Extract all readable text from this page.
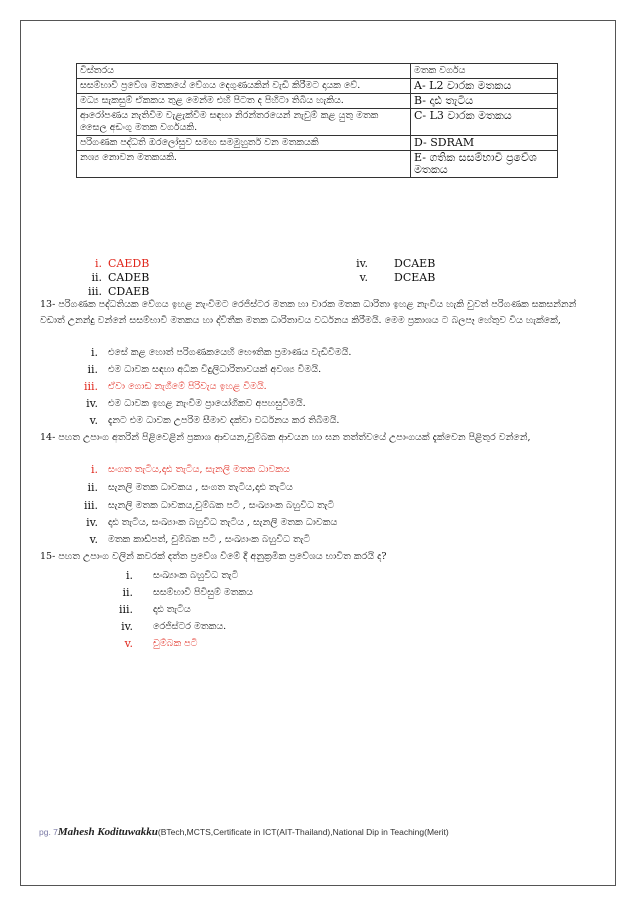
විස්තරය	මතක වර්ගය
සසම්භාවී ප්‍රවේශ මතකයේ වේගය දෙගුණයකින් වැඩි කිරීමට දායක වේ.	A- L2 වාරක මතකය
මධ්‍ය සැකසුම් ඒකකය තුළ මෙන්ම එහි පිටත ද පිහිටා තිබිය හැකිය.	B- දෘඪ තැටිය
ආරෝපණය නැතිවීම වැළැක්වීම සඳහා නිරන්තරයෙන් නැවුම් කළ යුතු මතක සෛල අඩංගු මතක වර්ගයකි.	C- L3 වාරක මතකය
පරිගණක පද්ධති ඔරලෝසුව සමඟ සමමුහුර්ත වන මතකයකි	D- SDRAM
නශ්‍ය නොවන මතකයකි.	E- ගතික සසම්භාවී ප්‍රවේශ මතකය
i. CAEDB
ii. CADEB
iii. CDAEB
iv. DCAEB
v. DCEAB
13- පරිගණක පද්ධතියක වේගය ඉහළ නැංවීමට රෙජිස්ටර මතක හා වාරක මතක ධාරිතා ඉහළ නැංවිය හැකි වුවත් පරිගණක සකසන්නන් වඩාත් උනන්දු වන්නේ සසම්භාවී මතකය හා ද්විතීක මතක ධාරිතාවය වර්ධනය කිරීමයි. මෙම ප්‍රකාශය ට බලපෑ හේතුව විය හැක්කේ,
i. එසේ කළ හොත් පරිගණකයෙහි භෞතික ප්‍රමාණය වැඩිවීමයි.
ii. එම ධාවක සඳහා අධික විදුලිධාරිතාවයක් අවශ්‍ය වීමයි.
iii. ඒවා ගොඩ නැගීමේ පිරිවැය ඉහළ වීමයි.
iv. එම ධාවක ඉහළ නැංවීම ප්‍රායෝගිකව අපහසුවීමයි.
v. දැනට එම ධාවක උපරිම සීමාව දක්වා වර්ධනය කර තිබීමයි.
14- පහත උපාංග අතරින් පිළිවෙළින් ප්‍රකාශ ආචයන,චුම්බක ආචයන හා ඝන තත්ත්වයේ උපාංගයක් දැක්වෙන පිළිතුර වන්නේ,
i. සංගත තැටිය,දෘඪ තැටිය, සැනලි මතක ධාවකය
ii. සැනලි මතක ධාවකය , සංගත තැටිය,දෘඪ තැටිය
iii. සැනලි මතක ධාවකය,චුම්බක පටි , සංඛ්‍යාංක බහුවිධ තැටි
iv. දෘඪ තැටිය, සංඛ්‍යාංක බහුවිධ තැටිය , සැනලි මතක ධාවකය
v. මතක කාඩ්පත්, චුම්බක පටි , සංඛ්‍යාංක බහුවිධ තැටි
15- පහත උපාංග වලින් කවරක් දත්ත ප්‍රවේශ වීමේ දී අනුක්‍රමික ප්‍රවේශය භාවිත කරයි ද?
i. සංඛ්‍යාංක බහුවිධ තැටි
ii. සසම්භාවී පිවිසුම් මතකය
iii. දෘඪ තැටිය
iv. රෙජිස්ටර මතකය.
v. චුම්බක පටි
pg. 7Mahesh Kodituwakku(BTech,MCTS,Certificate in ICT(AIT-Thailand),National Dip in Teaching(Merit)
